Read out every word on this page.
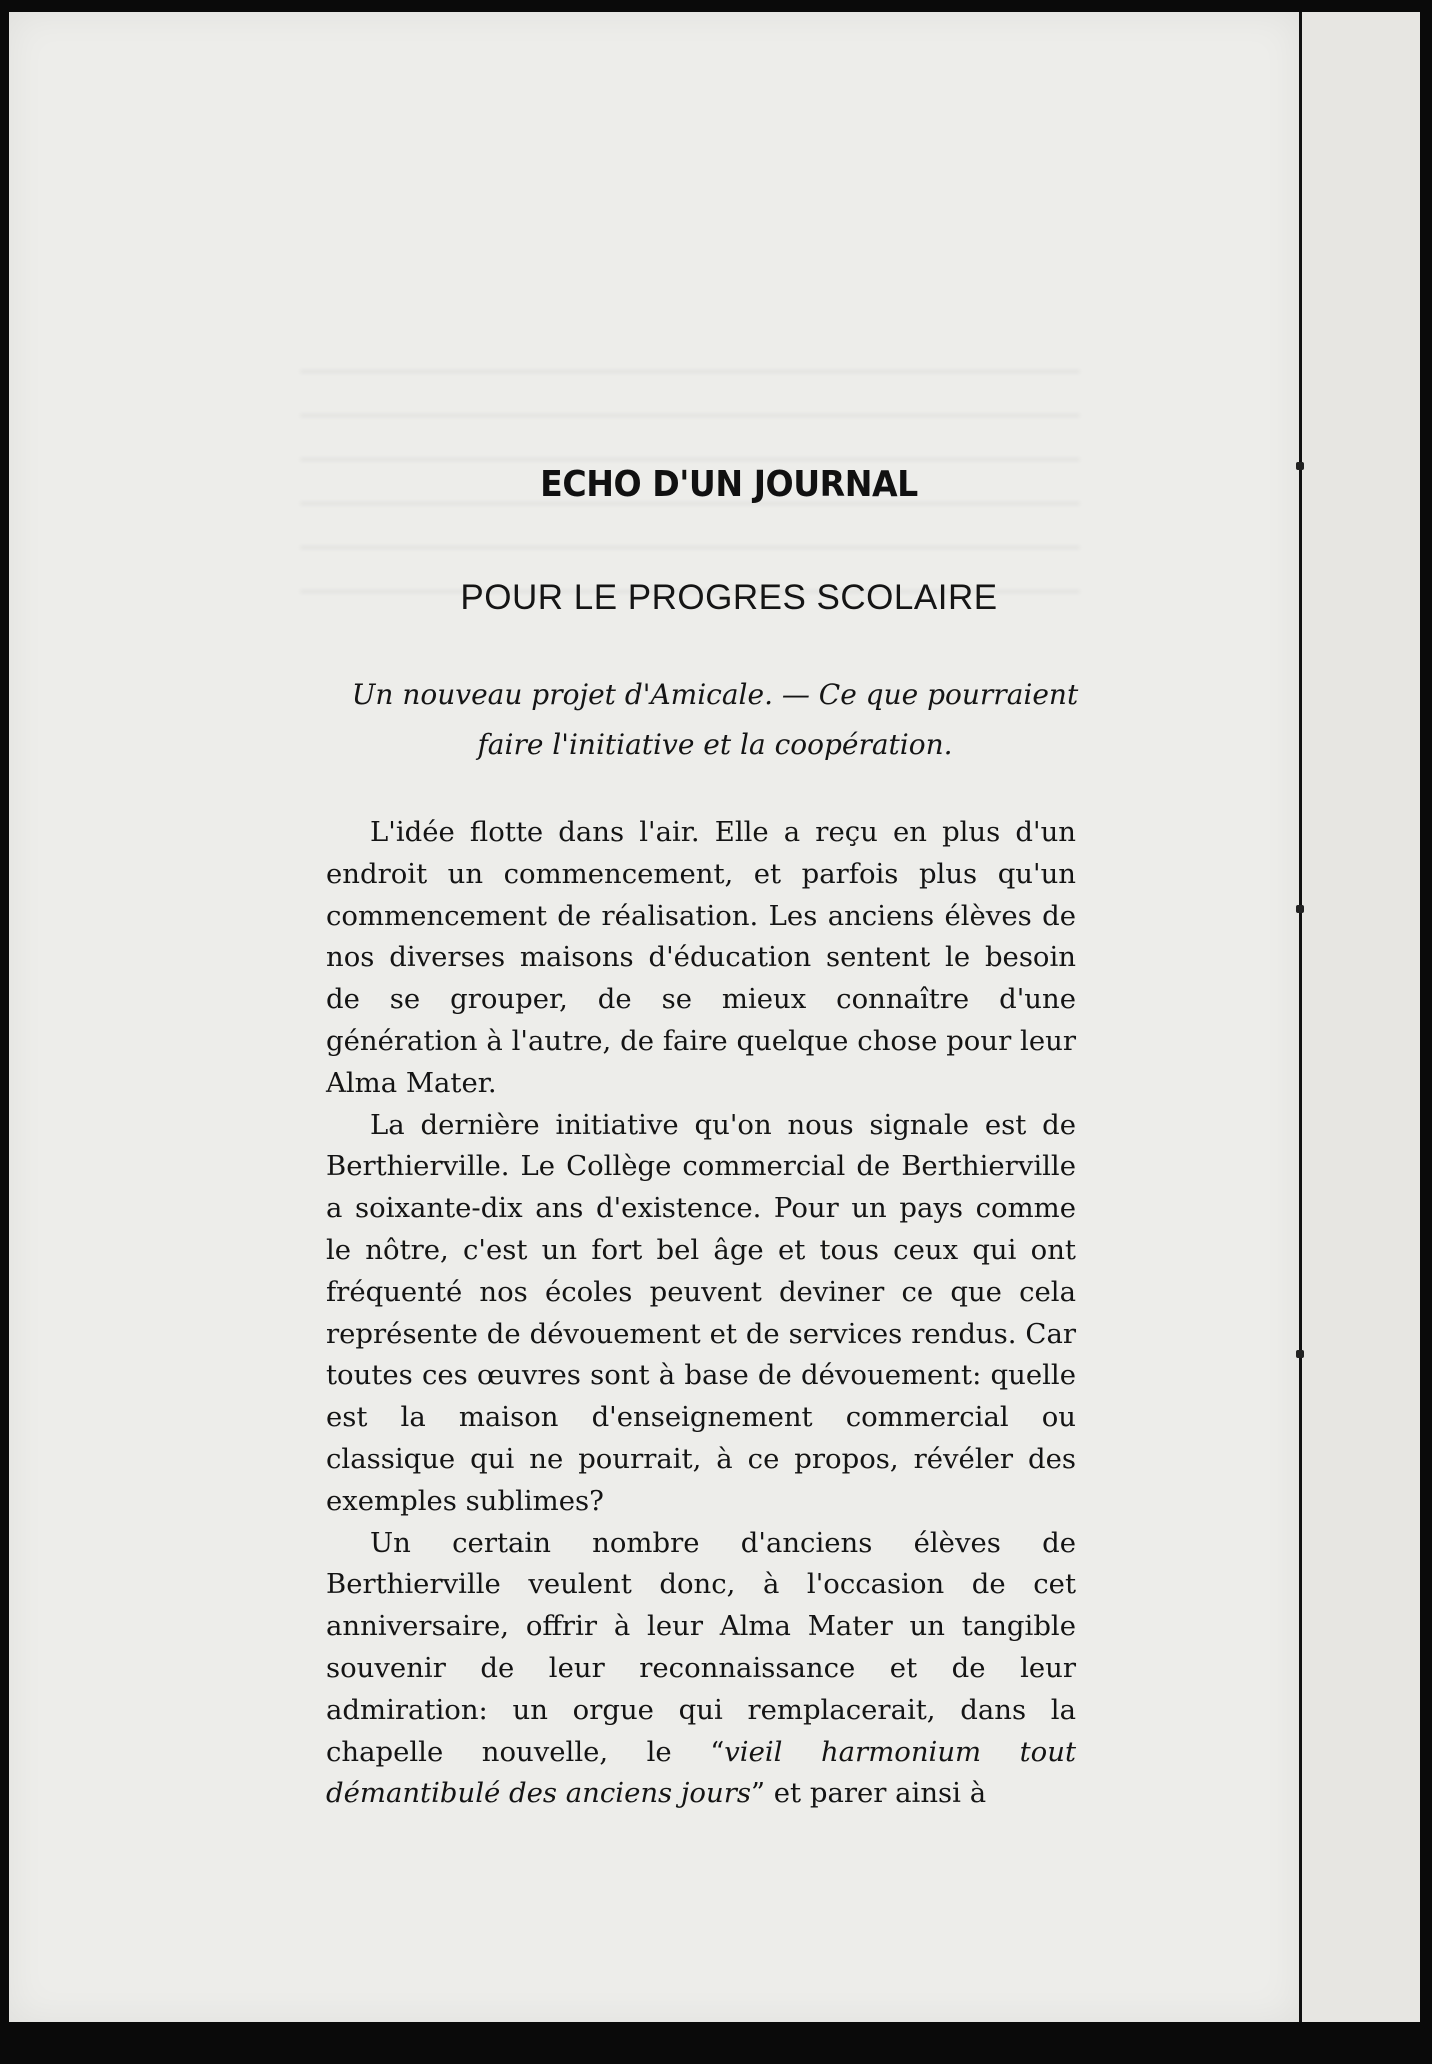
ECHO D'UN JOURNAL
POUR LE PROGRES SCOLAIRE
Un nouveau projet d'Amicale. — Ce que pourraient
faire l'initiative et la coopération.

L'idée flotte dans l'air. Elle a reçu en plus d'un endroit un commencement, et parfois plus qu'un commencement de réalisation. Les anciens élèves de nos diverses maisons d'éducation sentent le besoin de se grouper, de se mieux connaître d'une génération à l'autre, de faire quelque chose pour leur Alma Mater.

La dernière initiative qu'on nous signale est de Berthierville. Le Collège commercial de Berthierville a soixante-dix ans d'existence. Pour un pays comme le nôtre, c'est un fort bel âge et tous ceux qui ont fréquenté nos écoles peuvent deviner ce que cela représente de dévouement et de services rendus. Car toutes ces œuvres sont à base de dévouement: quelle est la maison d'enseignement commercial ou classique qui ne pourrait, à ce propos, révéler des exemples sublimes?

Un certain nombre d'anciens élèves de Berthierville veulent donc, à l'occasion de cet anniversaire, offrir à leur Alma Mater un tangible souvenir de leur reconnaissance et de leur admiration: un orgue qui remplacerait, dans la chapelle nouvelle, le “vieil harmonium tout démantibulé des anciens jours” et parer ainsi à
